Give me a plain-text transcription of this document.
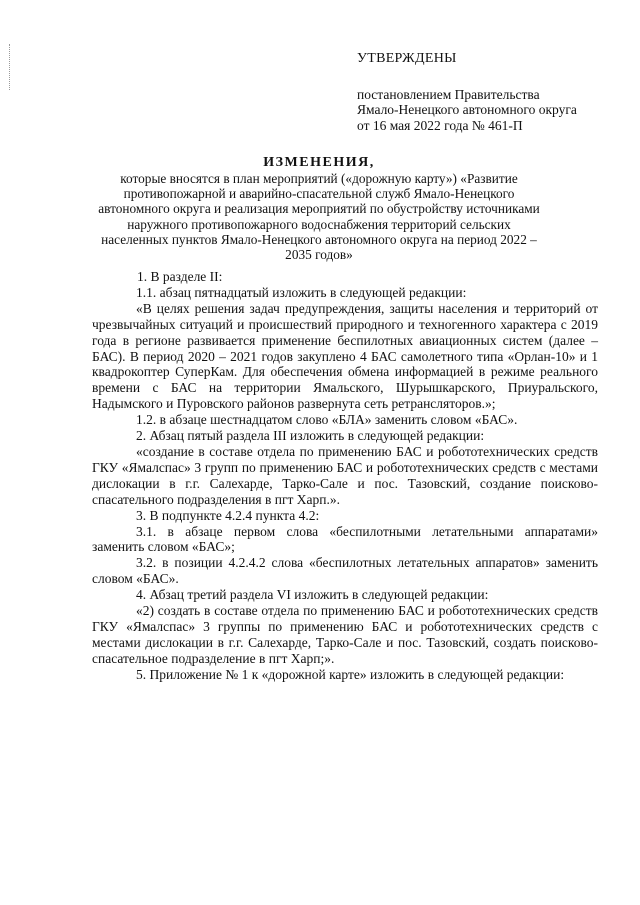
УТВЕРЖДЕНЫ
постановлением Правительства
Ямало-Ненецкого автономного округа
от 16 мая 2022 года № 461-П
ИЗМЕНЕНИЯ,
которые вносятся в план мероприятий («дорожную карту») «Развитие противопожарной и аварийно-спасательной служб Ямало-Ненецкого автономного округа и реализация мероприятий по обустройству источниками наружного противопожарного водоснабжения территорий сельских населенных пунктов Ямало-Ненецкого автономного округа на период 2022 – 2035 годов»

1. В разделе II:

1.1. абзац пятнадцатый изложить в следующей редакции:

«В целях решения задач предупреждения, защиты населения и территорий от чрезвычайных ситуаций и происшествий природного и техногенного характера с 2019 года в регионе развивается применение беспилотных авиационных систем (далее – БАС). В период 2020 – 2021 годов закуплено 4 БАС самолетного типа «Орлан-10» и 1 квадрокоптер СуперКам. Для обеспечения обмена информацией в режиме реального времени с БАС на территории Ямальского, Шурышкарского, Приуральского, Надымского и Пуровского районов развернута сеть ретрансляторов.»;

1.2. в абзаце шестнадцатом слово «БЛА» заменить словом «БАС».

2. Абзац пятый раздела III изложить в следующей редакции:

«создание в составе отдела по применению БАС и робототехнических средств ГКУ «Ямалспас» 3 групп по применению БАС и робототехнических средств с местами дислокации в г.г. Салехарде, Тарко-Сале и пос. Тазовский, создание поисково-спасательного подразделения в пгт Харп.».

3. В подпункте 4.2.4 пункта 4.2:

3.1. в абзаце первом слова «беспилотными летательными аппаратами» заменить словом «БАС»;

3.2. в позиции 4.2.4.2 слова «беспилотных летательных аппаратов» заменить словом «БАС».

4. Абзац третий раздела VI изложить в следующей редакции:

«2) создать в составе отдела по применению БАС и робототехнических средств ГКУ «Ямалспас» 3 группы по применению БАС и робототехнических средств с местами дислокации в г.г. Салехарде, Тарко-Сале и пос. Тазовский, создать поисково-спасательное подразделение в пгт Харп;».

5. Приложение № 1 к «дорожной карте» изложить в следующей редакции:
